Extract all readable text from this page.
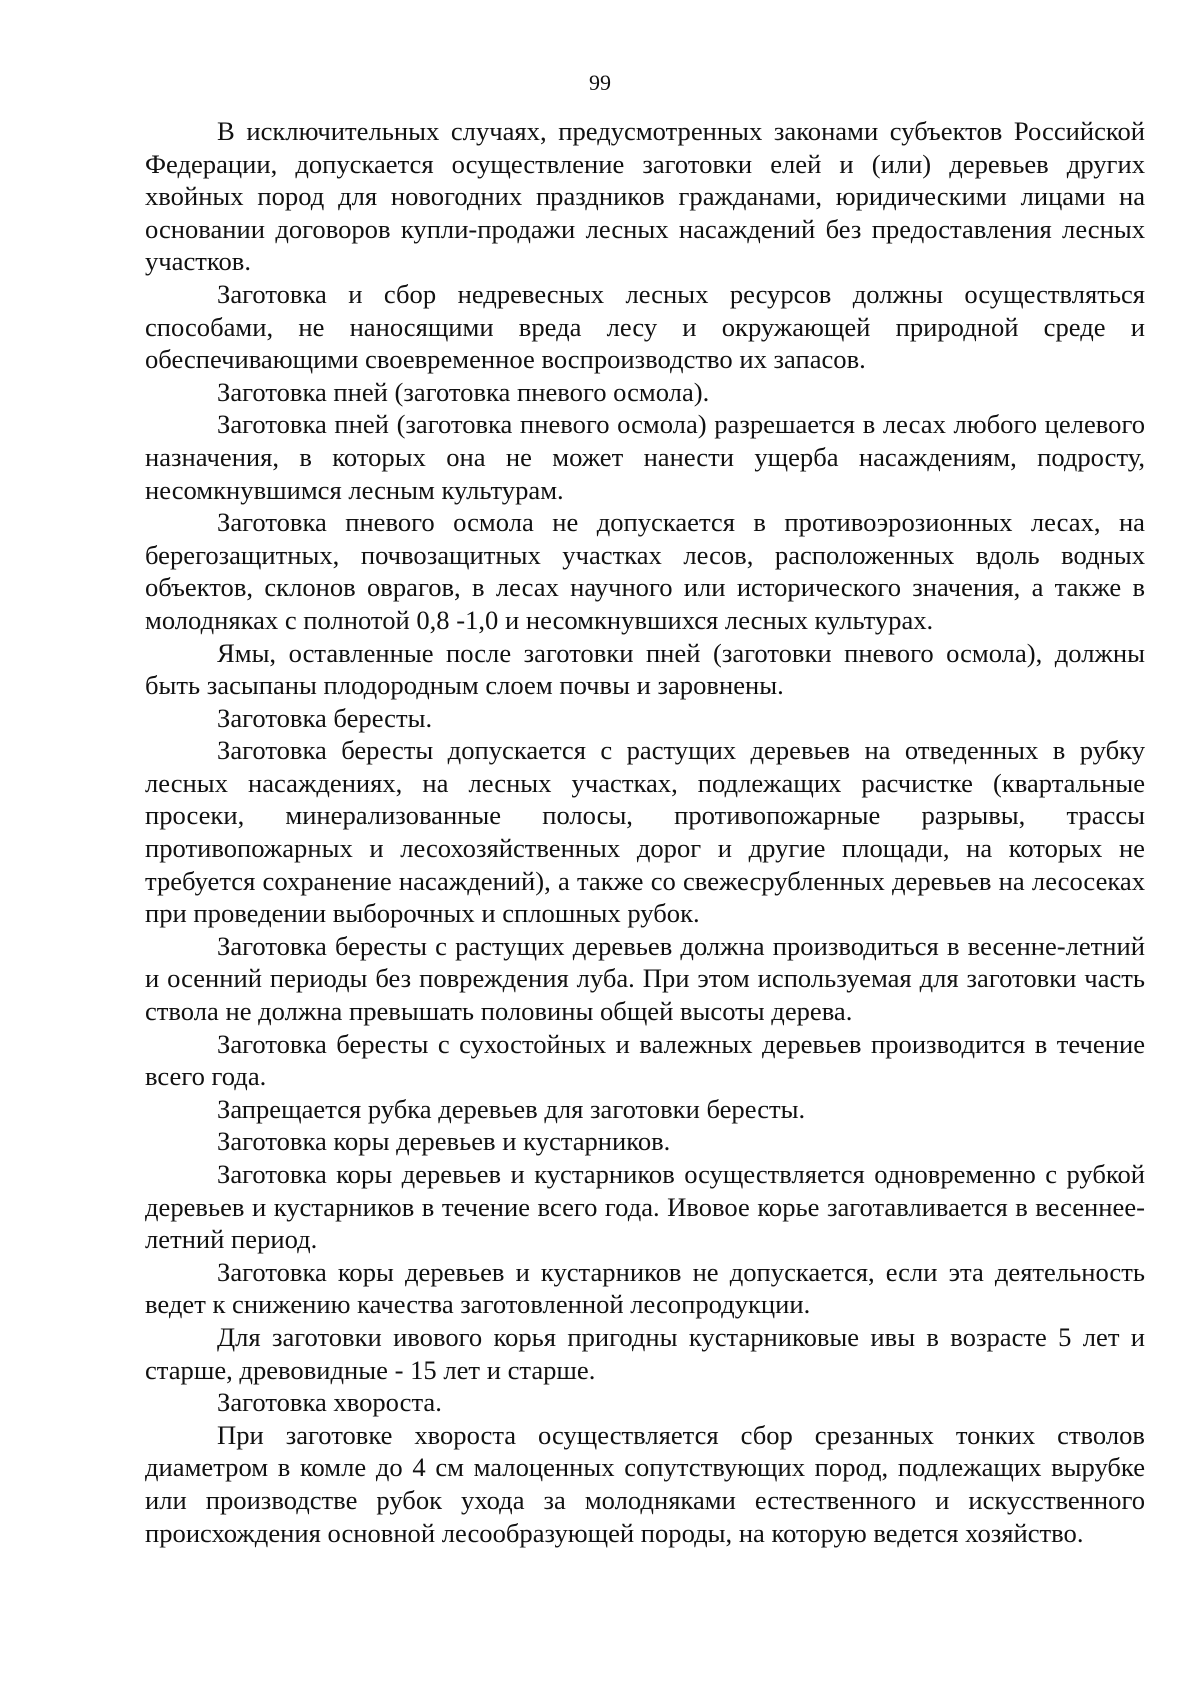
99

В исключительных случаях, предусмотренных законами субъектов Российской Федерации, допускается осуществление заготовки елей и (или) деревьев других хвойных пород для новогодних праздников гражданами, юридическими лицами на основании договоров купли-продажи лесных насаждений без предоставления лесных участков.

Заготовка и сбор недревесных лесных ресурсов должны осуществляться способами, не наносящими вреда лесу и окружающей природной среде и обеспечивающими своевременное воспроизводство их запасов.

Заготовка пней (заготовка пневого осмола).

Заготовка пней (заготовка пневого осмола) разрешается в лесах любого целевого назначения, в которых она не может нанести ущерба насаждениям, подросту, несомкнувшимся лесным культурам.

Заготовка пневого осмола не допускается в противоэрозионных лесах, на берегозащитных, почвозащитных участках лесов, расположенных вдоль водных объектов, склонов оврагов, в лесах научного или исторического значения, а также в молодняках с полнотой 0,8 -1,0 и несомкнувшихся лесных культурах.

Ямы, оставленные после заготовки пней (заготовки пневого осмола), должны быть засыпаны плодородным слоем почвы и заровнены.

Заготовка бересты.

Заготовка бересты допускается с растущих деревьев на отведенных в рубку лесных насаждениях, на лесных участках, подлежащих расчистке (квартальные просеки, минерализованные полосы, противопожарные разрывы, трассы противопожарных и лесохозяйственных дорог и другие площади, на которых не требуется сохранение насаждений), а также со свежесрубленных деревьев на лесосеках при проведении выборочных и сплошных рубок.

Заготовка бересты с растущих деревьев должна производиться в весенне-летний и осенний периоды без повреждения луба. При этом используемая для заготовки часть ствола не должна превышать половины общей высоты дерева.

Заготовка бересты с сухостойных и валежных деревьев производится в течение всего года.

Запрещается рубка деревьев для заготовки бересты.

Заготовка коры деревьев и кустарников.

Заготовка коры деревьев и кустарников осуществляется одновременно с рубкой деревьев и кустарников в течение всего года. Ивовое корье заготавливается в весеннее-летний период.

Заготовка коры деревьев и кустарников не допускается, если эта деятельность ведет к снижению качества заготовленной лесопродукции.

Для заготовки ивового корья пригодны кустарниковые ивы в возрасте 5 лет и старше, древовидные - 15 лет и старше.

Заготовка хвороста.

При заготовке хвороста осуществляется сбор срезанных тонких стволов диаметром в комле до 4 см малоценных сопутствующих пород, подлежащих вырубке или производстве рубок ухода за молодняками естественного и искусственного происхождения основной лесообразующей породы, на которую ведется хозяйство.
